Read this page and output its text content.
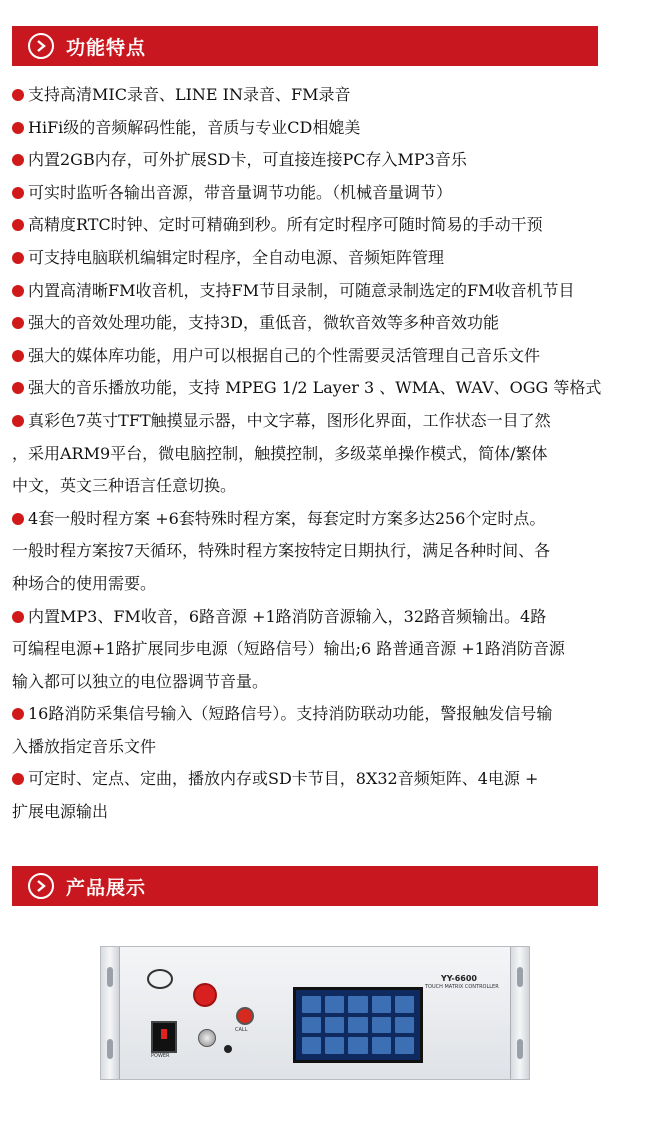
功能特点

支持高清MIC录音、LINE IN录音、FM录音

HiFi级的音频解码性能，音质与专业CD相媲美

内置2GB内存，可外扩展SD卡，可直接连接PC存入MP3音乐

可实时监听各输出音源，带音量调节功能。（机械音量调节）

高精度RTC时钟、定时可精确到秒。所有定时程序可随时简易的手动干预

可支持电脑联机编辑定时程序，全自动电源、音频矩阵管理

内置高清晰FM收音机，支持FM节目录制，可随意录制选定的FM收音机节目

强大的音效处理功能，支持3D，重低音，微软音效等多种音效功能

强大的媒体库功能，用户可以根据自己的个性需要灵活管理自己音乐文件

强大的音乐播放功能，支持 MPEG 1/2 Layer 3 、WMA、WAV、OGG 等格式

真彩色7英寸TFT触摸显示器，中文字幕，图形化界面，工作状态一目了然

，采用ARM9平台，微电脑控制，触摸控制，多级菜单操作模式，简体/繁体

中文，英文三种语言任意切换。

4套一般时程方案 +6套特殊时程方案，每套定时方案多达256个定时点。

一般时程方案按7天循环，特殊时程方案按特定日期执行，满足各种时间、各

种场合的使用需要。

内置MP3、FM收音，6路音源 +1路消防音源输入，32路音频输出。4路

可编程电源+1路扩展同步电源（短路信号）输出;6 路普通音源 +1路消防音源

输入都可以独立的电位器调节音量。

16路消防采集信号输入（短路信号）。支持消防联动功能，警报触发信号输

入播放指定音乐文件

可定时、定点、定曲，播放内存或SD卡节目，8X32音频矩阵、4电源 +

扩展电源输出

产品展示
POWER
CALL
YY-6600
TOUCH MATRIX CONTROLLER
